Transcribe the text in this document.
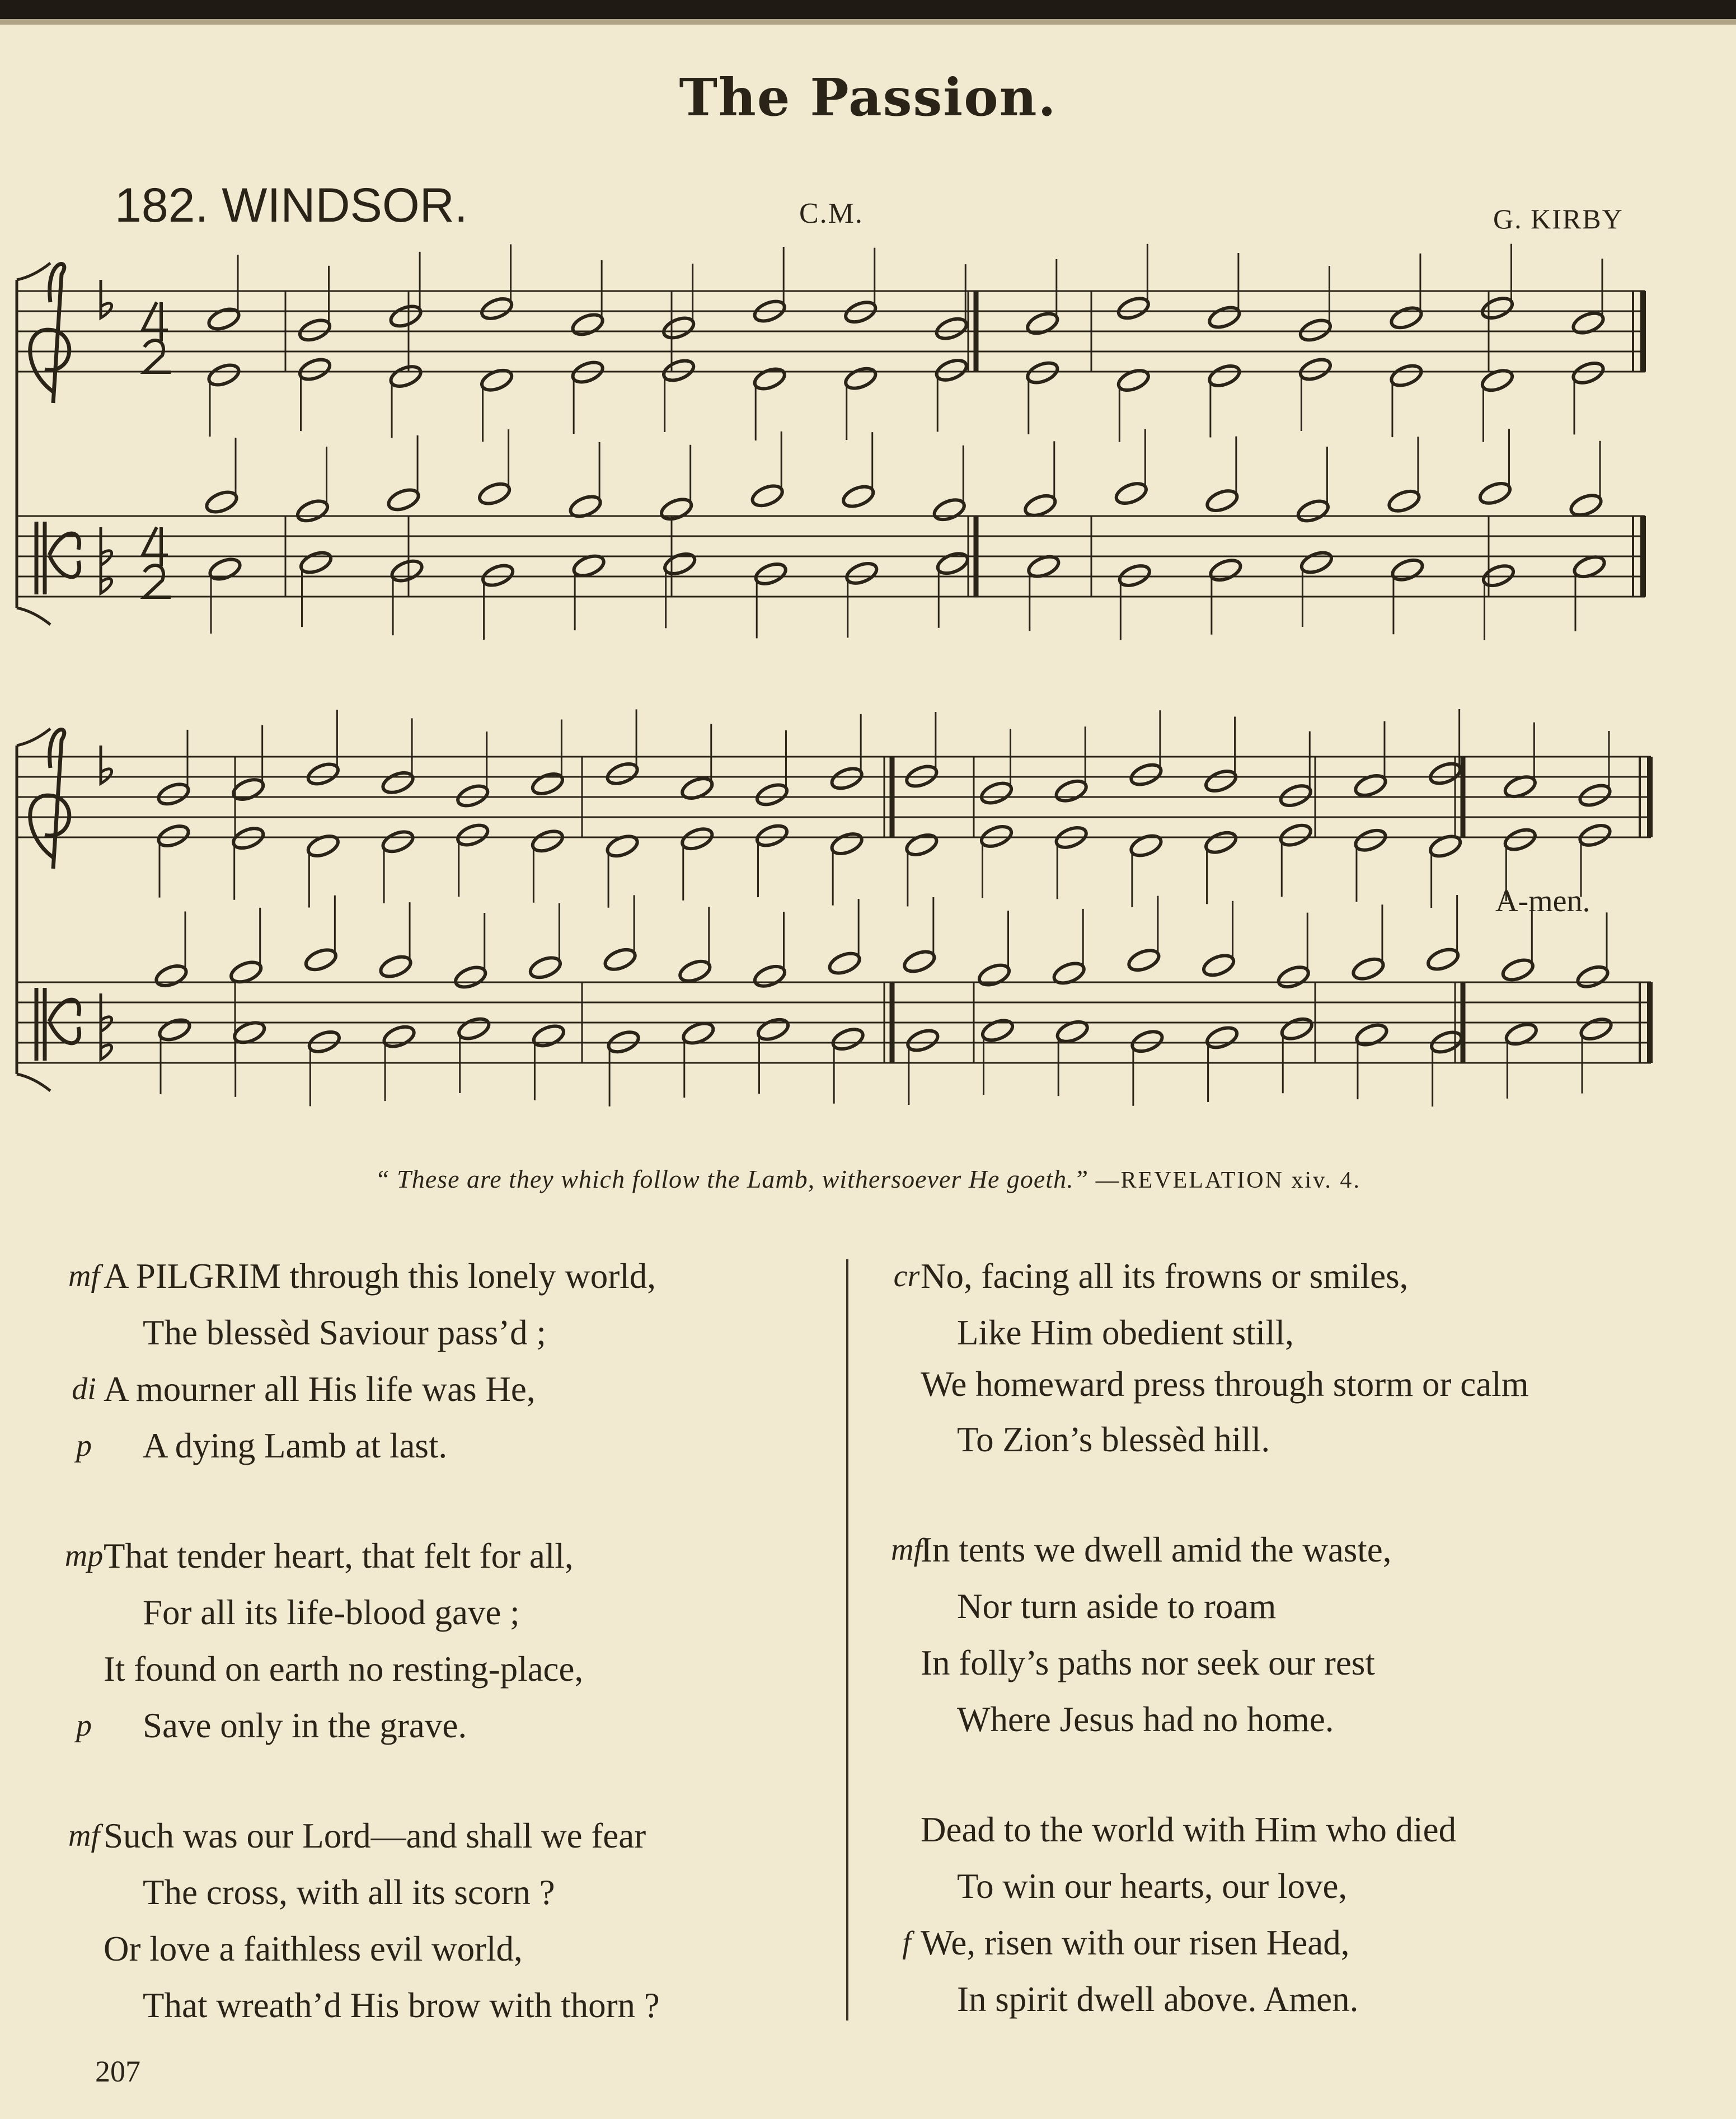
The Passion.
182. WINDSOR.	C.M.	G. KIRBY
A-men.
“ These are they which follow the Lamb, withersoever He goeth.” —REVELATION xiv. 4.
mf A PILGRIM through this lonely world,
The blessèd Saviour pass’d ;
di A mourner all His life was He,
p	A dying Lamb at last.
mp That tender heart, that felt for all,
For all its life-blood gave ;
It found on earth no resting-place,
p	Save only in the grave.
mf Such was our Lord—and shall we fear
The cross, with all its scorn ?
Or love a faithless evil world,
That wreath’d His brow with thorn ?
cr No, facing all its frowns or smiles,
Like Him obedient still,
We homeward press through storm or calm
To Zion’s blessèd hill.
mf
In tents we dwell amid the waste,
Nor turn aside to roam
In folly’s paths nor seek our rest
Where Jesus had no home.
Dead to the world with Him who died
To win our hearts, our love,
f We, risen with our risen Head,
In spirit dwell above. Amen.
207
